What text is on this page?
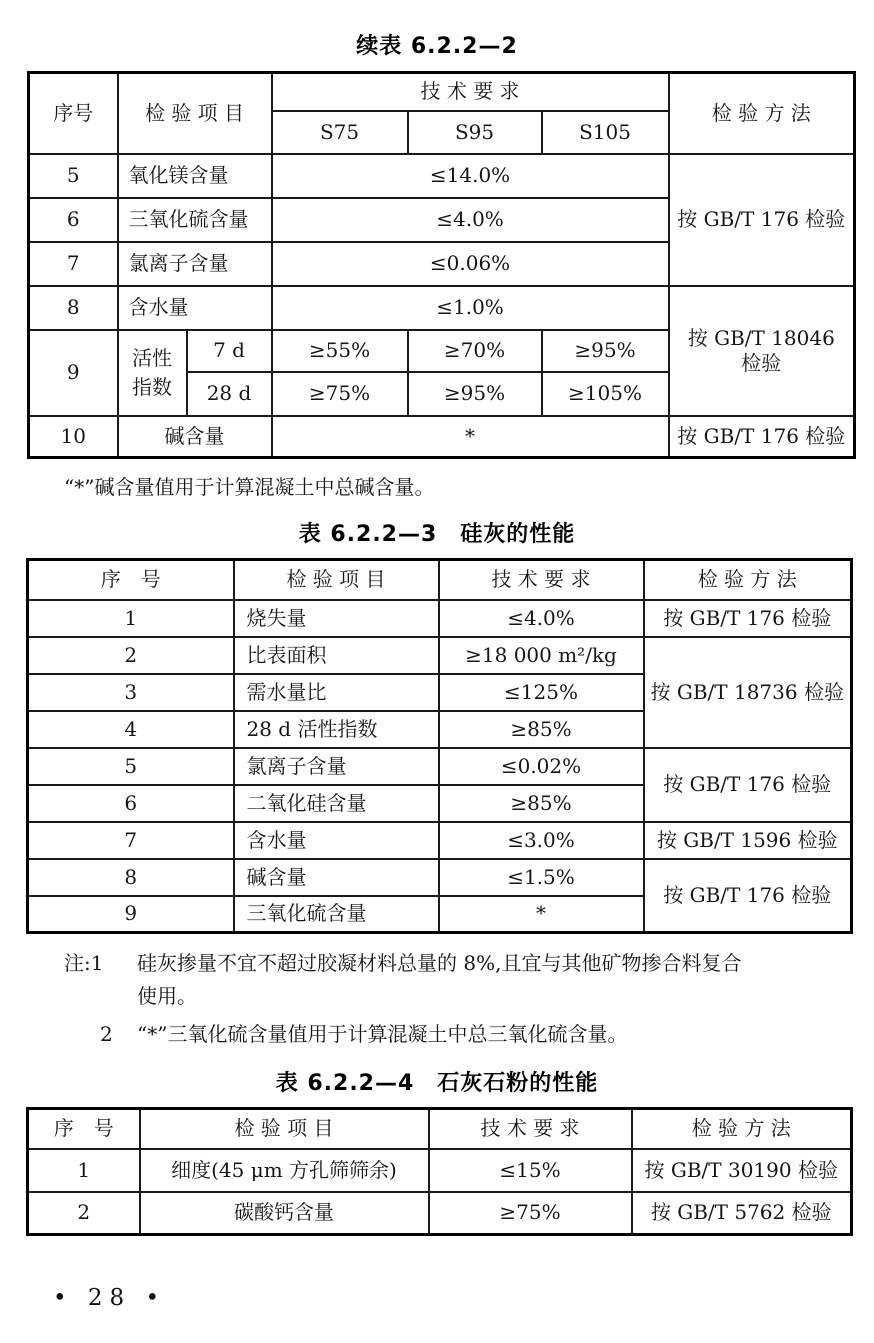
续表 6.2.2—2
序号	检 验 项 目		技 术 要 求			检 验 方 法
			S75	S95	S105	
5	氧化镁含量		≤14.0%			按 GB/T 176 检验
6	三氧化硫含量		≤4.0%			
7	氯离子含量		≤0.06%			
8	含水量		≤1.0%			按 GB/T 18046
检验

9	活性指数	7 d	≥55%	≥70%	≥95%	
		28 d	≥75%	≥95%	≥105%	
10	碱含量		*			按 GB/T 176 检验
“*”碱含量值用于计算混凝土中总碱含量。
表 6.2.2—3　硅灰的性能
序　号	检 验 项 目	技 术 要 求	检 验 方 法
1	烧失量	≤4.0%	按 GB/T 176 检验
2	比表面积	≥18 000 m²/kg	按 GB/T 18736 检验
3	需水量比	≤125%	
4	28 d 活性指数	≥85%	
5	氯离子含量	≤0.02%	按 GB/T 176 检验
6	二氧化硅含量	≥85%	
7	含水量	≤3.0%	按 GB/T 1596 检验
8	碱含量	≤1.5%	按 GB/T 176 检验
9	三氧化硫含量	*	
注:1	硅灰掺量不宜不超过胶凝材料总量的 8%,且宜与其他矿物掺合料复合
使用。
2	“*”三氧化硫含量值用于计算混凝土中总三氧化硫含量。
表 6.2.2—4　石灰石粉的性能
序　号	检 验 项 目	技 术 要 求	检 验 方 法
1	细度(45 μm 方孔筛筛余)	≤15%	按 GB/T 30190 检验
2	碳酸钙含量	≥75%	按 GB/T 5762 检验
• 28 •
